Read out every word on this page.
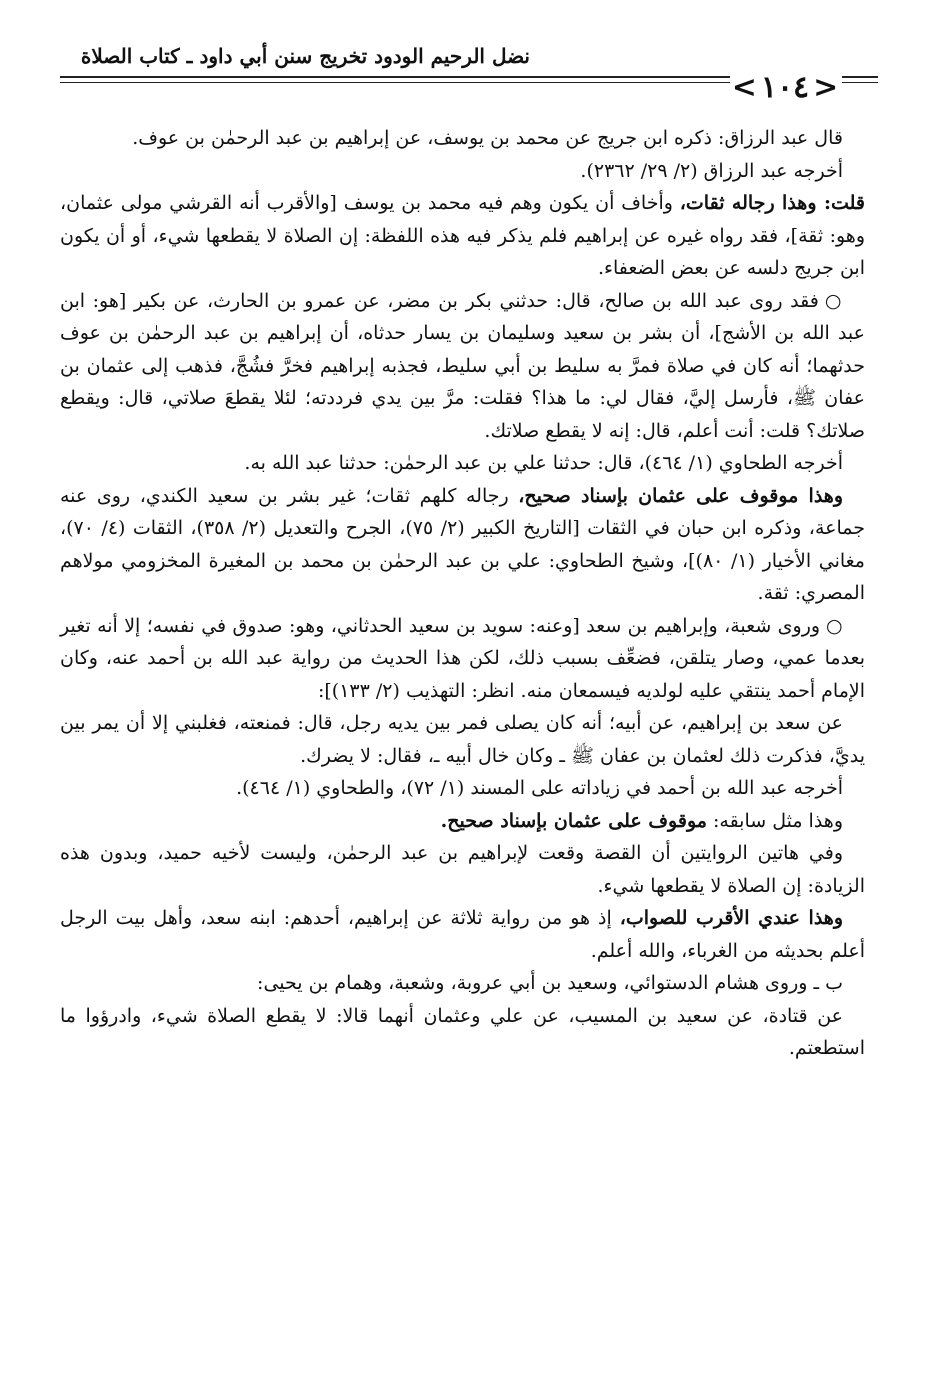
نضل الرحيم الودود تخريج سنن أبي داود ـ كتاب الصلاة
< ١٠٤ >

قال عبد الرزاق: ذكره ابن جريج عن محمد بن يوسف، عن إبراهيم بن عبد الرحمٰن بن عوف.

أخرجه عبد الرزاق (٢/ ٢٩/ ٢٣٦٢).

قلت: وهذا رجاله ثقات، وأخاف أن يكون وهم فيه محمد بن يوسف [والأقرب أنه القرشي مولى عثمان، وهو: ثقة]، فقد رواه غيره عن إبراهيم فلم يذكر فيه هذه اللفظة: إن الصلاة لا يقطعها شيء، أو أن يكون ابن جريج دلسه عن بعض الضعفاء.

○فقد روى عبد الله بن صالح، قال: حدثني بكر بن مضر، عن عمرو بن الحارث، عن بكير [هو: ابن عبد الله بن الأشج]، أن بشر بن سعيد وسليمان بن يسار حدثاه، أن إبراهيم بن عبد الرحمٰن بن عوف حدثهما؛ أنه كان في صلاة فمرَّ به سليط بن أبي سليط، فجذبه إبراهيم فخرَّ فشُجَّ، فذهب إلى عثمان بن عفان ﷺ، فأرسل إليَّ، فقال لي: ما هذا؟ فقلت: مرَّ بين يدي فرددته؛ لئلا يقطعَ صلاتي، قال: ويقطع صلاتك؟ قلت: أنت أعلم، قال: إنه لا يقطع صلاتك.

أخرجه الطحاوي (١/ ٤٦٤)، قال: حدثنا علي بن عبد الرحمٰن: حدثنا عبد الله به.

وهذا موقوف على عثمان بإسناد صحيح، رجاله كلهم ثقات؛ غير بشر بن سعيد الكندي، روى عنه جماعة، وذكره ابن حبان في الثقات [التاريخ الكبير (٢/ ٧٥)، الجرح والتعديل (٢/ ٣٥٨)، الثقات (٤/ ٧٠)، مغاني الأخيار (١/ ٨٠)]، وشيخ الطحاوي: علي بن عبد الرحمٰن بن محمد بن المغيرة المخزومي مولاهم المصري: ثقة.

○وروى شعبة، وإبراهيم بن سعد [وعنه: سويد بن سعيد الحدثاني، وهو: صدوق في نفسه؛ إلا أنه تغير بعدما عمي، وصار يتلقن، فضعِّف بسبب ذلك، لكن هذا الحديث من رواية عبد الله بن أحمد عنه، وكان الإمام أحمد ينتقي عليه لولديه فيسمعان منه. انظر: التهذيب (٢/ ١٣٣)]:

عن سعد بن إبراهيم، عن أبيه؛ أنه كان يصلى فمر بين يديه رجل، قال: فمنعته، فغلبني إلا أن يمر بين يديَّ، فذكرت ذلك لعثمان بن عفان ﷺ ـ وكان خال أبيه ـ، فقال: لا يضرك.

أخرجه عبد الله بن أحمد في زياداته على المسند (١/ ٧٢)، والطحاوي (١/ ٤٦٤).

وهذا مثل سابقه: موقوف على عثمان بإسناد صحيح.

وفي هاتين الروايتين أن القصة وقعت لإبراهيم بن عبد الرحمٰن، وليست لأخيه حميد، وبدون هذه الزيادة: إن الصلاة لا يقطعها شيء.

وهذا عندي الأقرب للصواب، إذ هو من رواية ثلاثة عن إبراهيم، أحدهم: ابنه سعد، وأهل بيت الرجل أعلم بحديثه من الغرباء، والله أعلم.

ب ـ وروى هشام الدستوائي، وسعيد بن أبي عروبة، وشعبة، وهمام بن يحيى:

عن قتادة، عن سعيد بن المسيب، عن علي وعثمان أنهما قالا: لا يقطع الصلاة شيء، وادرؤوا ما استطعتم.
